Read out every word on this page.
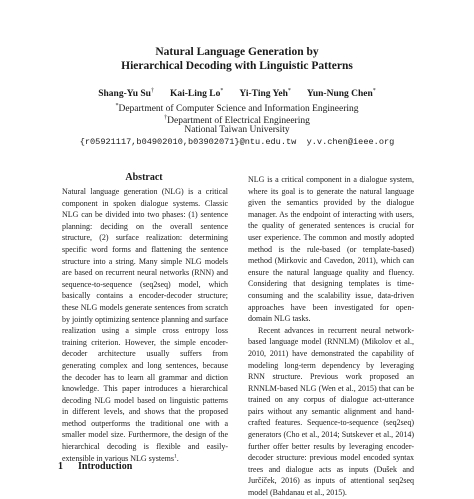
Natural Language Generation by
Hierarchical Decoding with Linguistic Patterns
Shang-Yu Su† Kai-Ling Lo* Yi-Ting Yeh* Yun-Nung Chen*
*Department of Computer Science and Information Engineering
†Department of Electrical Engineering
National Taiwan University
{r05921117,b04902010,b03902071}@ntu.edu.tw  y.v.chen@ieee.org
Abstract

Natural language generation (NLG) is a critical component in spoken dialogue systems. Classic NLG can be divided into two phases: (1) sentence planning: deciding on the overall sentence structure, (2) surface realization: determining specific word forms and flattening the sentence structure into a string. Many simple NLG models are based on recurrent neural networks (RNN) and sequence-to-sequence (seq2seq) model, which basically contains a encoder-decoder structure; these NLG models generate sentences from scratch by jointly optimizing sentence planning and surface realization using a simple cross entropy loss training criterion. However, the simple encoder-decoder architecture usually suffers from generating complex and long sentences, because the decoder has to learn all grammar and diction knowledge. This paper introduces a hierarchical decoding NLG model based on linguistic patterns in different levels, and shows that the proposed method outperforms the traditional one with a smaller model size. Furthermore, the design of the hierarchical decoding is flexible and easily-extensible in various NLG systems$^1$.

NLG is a critical component in a dialogue system, where its goal is to generate the natural language given the semantics provided by the dialogue manager. As the endpoint of interacting with users, the quality of generated sentences is crucial for user experience. The common and mostly adopted method is the rule-based (or template-based) method (Mirkovic and Cavedon, 2011), which can ensure the natural language quality and fluency. Considering that designing templates is time-consuming and the scalability issue, data-driven approaches have been investigated for open-domain NLG tasks.

Recent advances in recurrent neural network-based language model (RNNLM) (Mikolov et al., 2010, 2011) have demonstrated the capability of modeling long-term dependency by leveraging RNN structure. Previous work proposed an RNNLM-based NLG (Wen et al., 2015) that can be trained on any corpus of dialogue act-utterance pairs without any semantic alignment and hand-crafted features. Sequence-to-sequence (seq2seq) generators (Cho et al., 2014; Sutskever et al., 2014) further offer better results by leveraging encoder-decoder structure: previous model encoded syntax trees and dialogue acts as inputs (Dušek and Jurčíček, 2016) as inputs of attentional seq2seq model (Bahdanau et al., 2015).

1 Introduction
